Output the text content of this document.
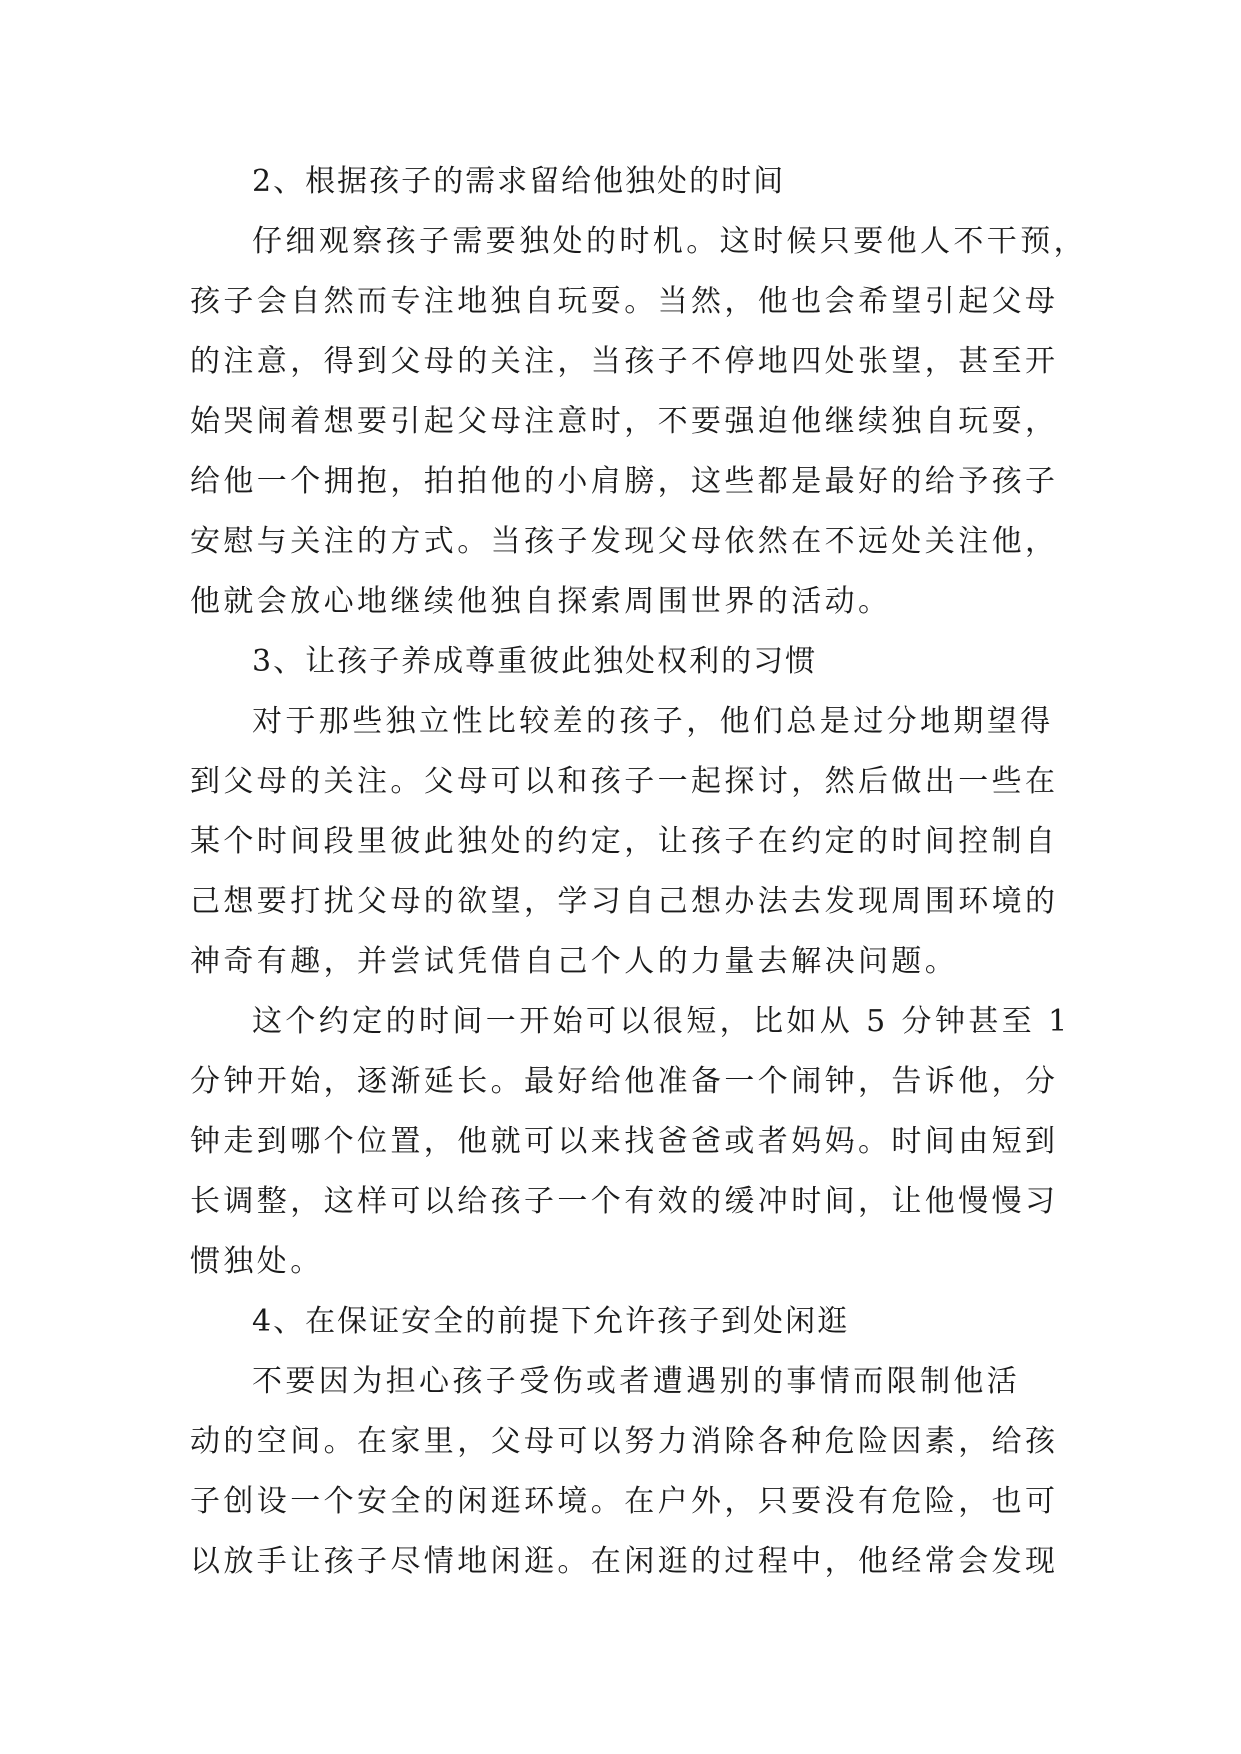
2、根据孩子的需求留给他独处的时间
仔细观察孩子需要独处的时机。这时候只要他人不干预，
孩子会自然而专注地独自玩耍。当然，他也会希望引起父母
的注意，得到父母的关注，当孩子不停地四处张望，甚至开
始哭闹着想要引起父母注意时，不要强迫他继续独自玩耍，
给他一个拥抱，拍拍他的小肩膀，这些都是最好的给予孩子
安慰与关注的方式。当孩子发现父母依然在不远处关注他，
他就会放心地继续他独自探索周围世界的活动。
3、让孩子养成尊重彼此独处权利的习惯
对于那些独立性比较差的孩子，他们总是过分地期望得
到父母的关注。父母可以和孩子一起探讨，然后做出一些在
某个时间段里彼此独处的约定，让孩子在约定的时间控制自
己想要打扰父母的欲望，学习自己想办法去发现周围环境的
神奇有趣，并尝试凭借自己个人的力量去解决问题。
这个约定的时间一开始可以很短，比如从 5 分钟甚至 1
分钟开始，逐渐延长。最好给他准备一个闹钟，告诉他，分
钟走到哪个位置，他就可以来找爸爸或者妈妈。时间由短到
长调整，这样可以给孩子一个有效的缓冲时间，让他慢慢习
惯独处。
4、在保证安全的前提下允许孩子到处闲逛
不要因为担心孩子受伤或者遭遇别的事情而限制他活
动的空间。在家里，父母可以努力消除各种危险因素，给孩
子创设一个安全的闲逛环境。在户外，只要没有危险，也可
以放手让孩子尽情地闲逛。在闲逛的过程中，他经常会发现
